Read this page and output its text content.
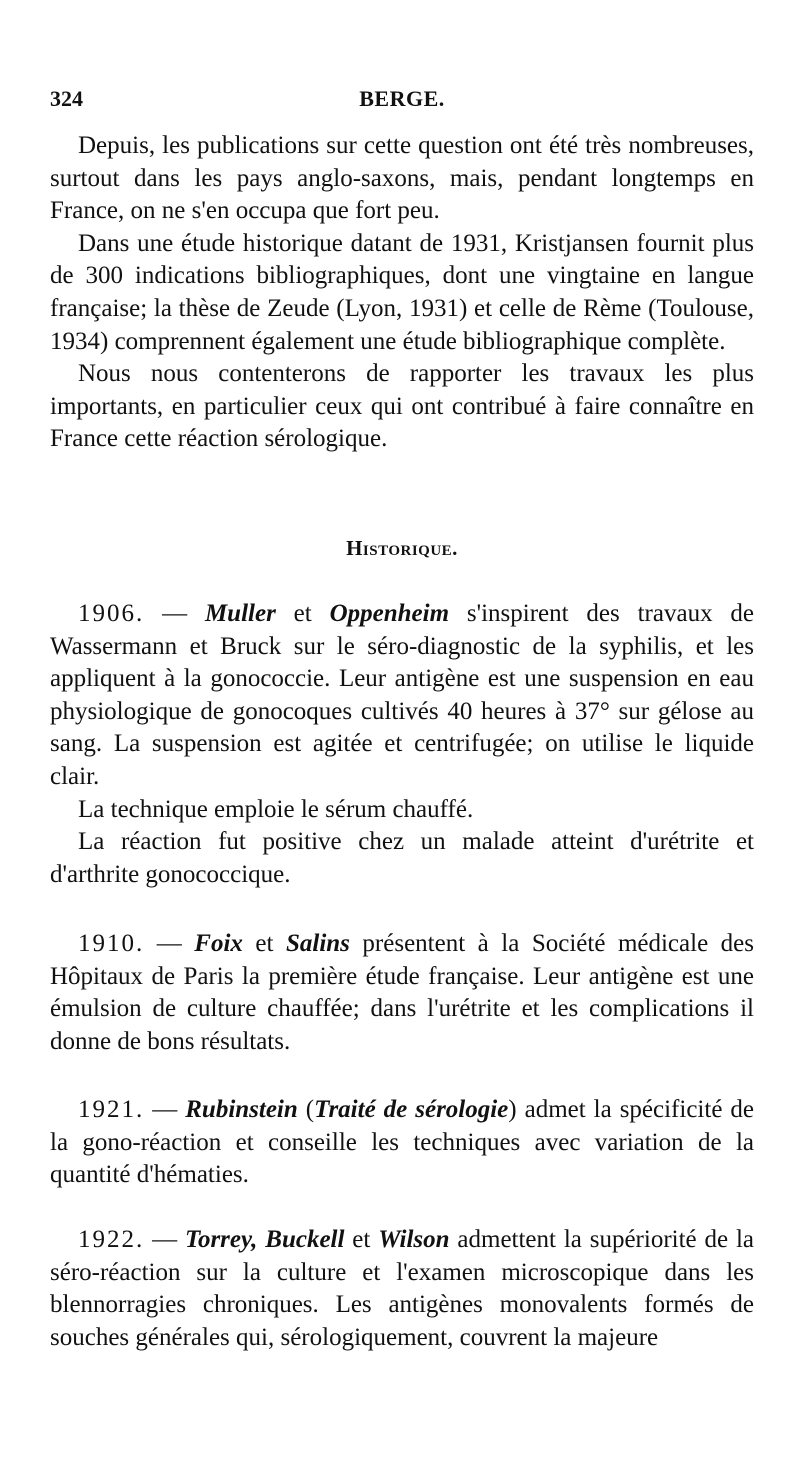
324	BERGE.

Depuis, les publications sur cette question ont été très nombreuses, surtout dans les pays anglo-saxons, mais, pendant longtemps en France, on ne s'en occupa que fort peu.

Dans une étude historique datant de 1931, Kristjansen fournit plus de 300 indications bibliographiques, dont une vingtaine en langue française; la thèse de Zeude (Lyon, 1931) et celle de Rème (Toulouse, 1934) comprennent également une étude bibliographique complète.

Nous nous contenterons de rapporter les travaux les plus importants, en particulier ceux qui ont contribué à faire connaître en France cette réaction sérologique.

Historique.

1906. — Muller et Oppenheim s'inspirent des travaux de Wassermann et Bruck sur le séro-diagnostic de la syphilis, et les appliquent à la gonococcie. Leur antigène est une suspension en eau physiologique de gonocoques cultivés 40 heures à 37° sur gélose au sang. La suspension est agitée et centrifugée; on utilise le liquide clair.

La technique emploie le sérum chauffé.

La réaction fut positive chez un malade atteint d'urétrite et d'arthrite gonococcique.

1910. — Foix et Salins présentent à la Société médicale des Hôpitaux de Paris la première étude française. Leur antigène est une émulsion de culture chauffée; dans l'urétrite et les complications il donne de bons résultats.

1921. — Rubinstein (Traité de sérologie) admet la spécificité de la gono-réaction et conseille les techniques avec variation de la quantité d'hématies.

1922. — Torrey, Buckell et Wilson admettent la supériorité de la séro-réaction sur la culture et l'examen microscopique dans les blennorragies chroniques. Les antigènes monovalents formés de souches générales qui, sérologiquement, couvrent la majeure
